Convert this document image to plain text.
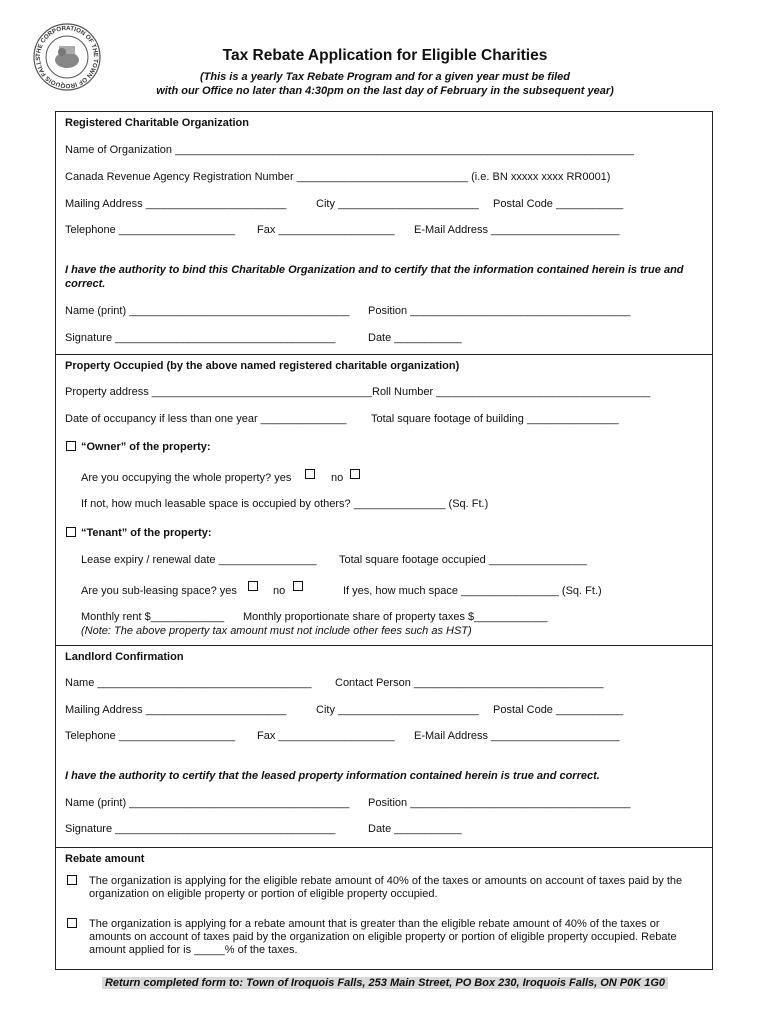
THE CORPORATION OF THE TOWN OF IROQUOIS FALLS	Tax Rebate Application for Eligible Charities
(This is a yearly Tax Rebate Program and for a given year must be filed
with our Office no later than 4:30pm on the last day of February in the subsequent year)
Registered Charitable Organization
Name of Organization ___________________________________________________________________________
Canada Revenue Agency Registration Number ____________________________ (i.e. BN xxxxx xxxx RR0001)
Mailing Address _______________________	City _______________________ Postal Code ___________
Telephone ___________________ Fax ___________________ E-Mail Address _____________________
I have the authority to bind this Charitable Organization and to certify that the information contained herein is true and
correct.
Name (print) ____________________________________ Position ____________________________________
Signature ____________________________________	Date ___________
Property Occupied (by the above named registered charitable organization)
Property address ____________________________________ Roll Number ___________________________________
Date of occupancy if less than one year ______________ Total square footage of building _______________
“Owner” of the property:
Are you occupying the whole property? yes	no
If not, how much leasable space is occupied by others? _______________ (Sq. Ft.)
“Tenant” of the property:
Lease expiry / renewal date ________________ Total square footage occupied ________________
Are you sub-leasing space? yes	no	If yes, how much space ________________ (Sq. Ft.)
Monthly rent $____________ Monthly proportionate share of property taxes $____________
(Note: The above property tax amount must not include other fees such as HST)
Landlord Confirmation
Name ___________________________________ Contact Person _______________________________
Mailing Address _______________________	City _______________________ Postal Code ___________
Telephone ___________________ Fax ___________________ E-Mail Address _____________________
I have the authority to certify that the leased property information contained herein is true and correct.
Name (print) ____________________________________ Position ____________________________________
Signature ____________________________________	Date ___________
Rebate amount
The organization is applying for the eligible rebate amount of 40% of the taxes or amounts on account of taxes paid by the organization on eligible property or portion of eligible property occupied.
The organization is applying for a rebate amount that is greater than the eligible rebate amount of 40% of the taxes or amounts on account of taxes paid by the organization on eligible property or portion of eligible property occupied. Rebate amount applied for is _____% of the taxes.
Return completed form to: Town of Iroquois Falls, 253 Main Street, PO Box 230, Iroquois Falls, ON P0K 1G0
